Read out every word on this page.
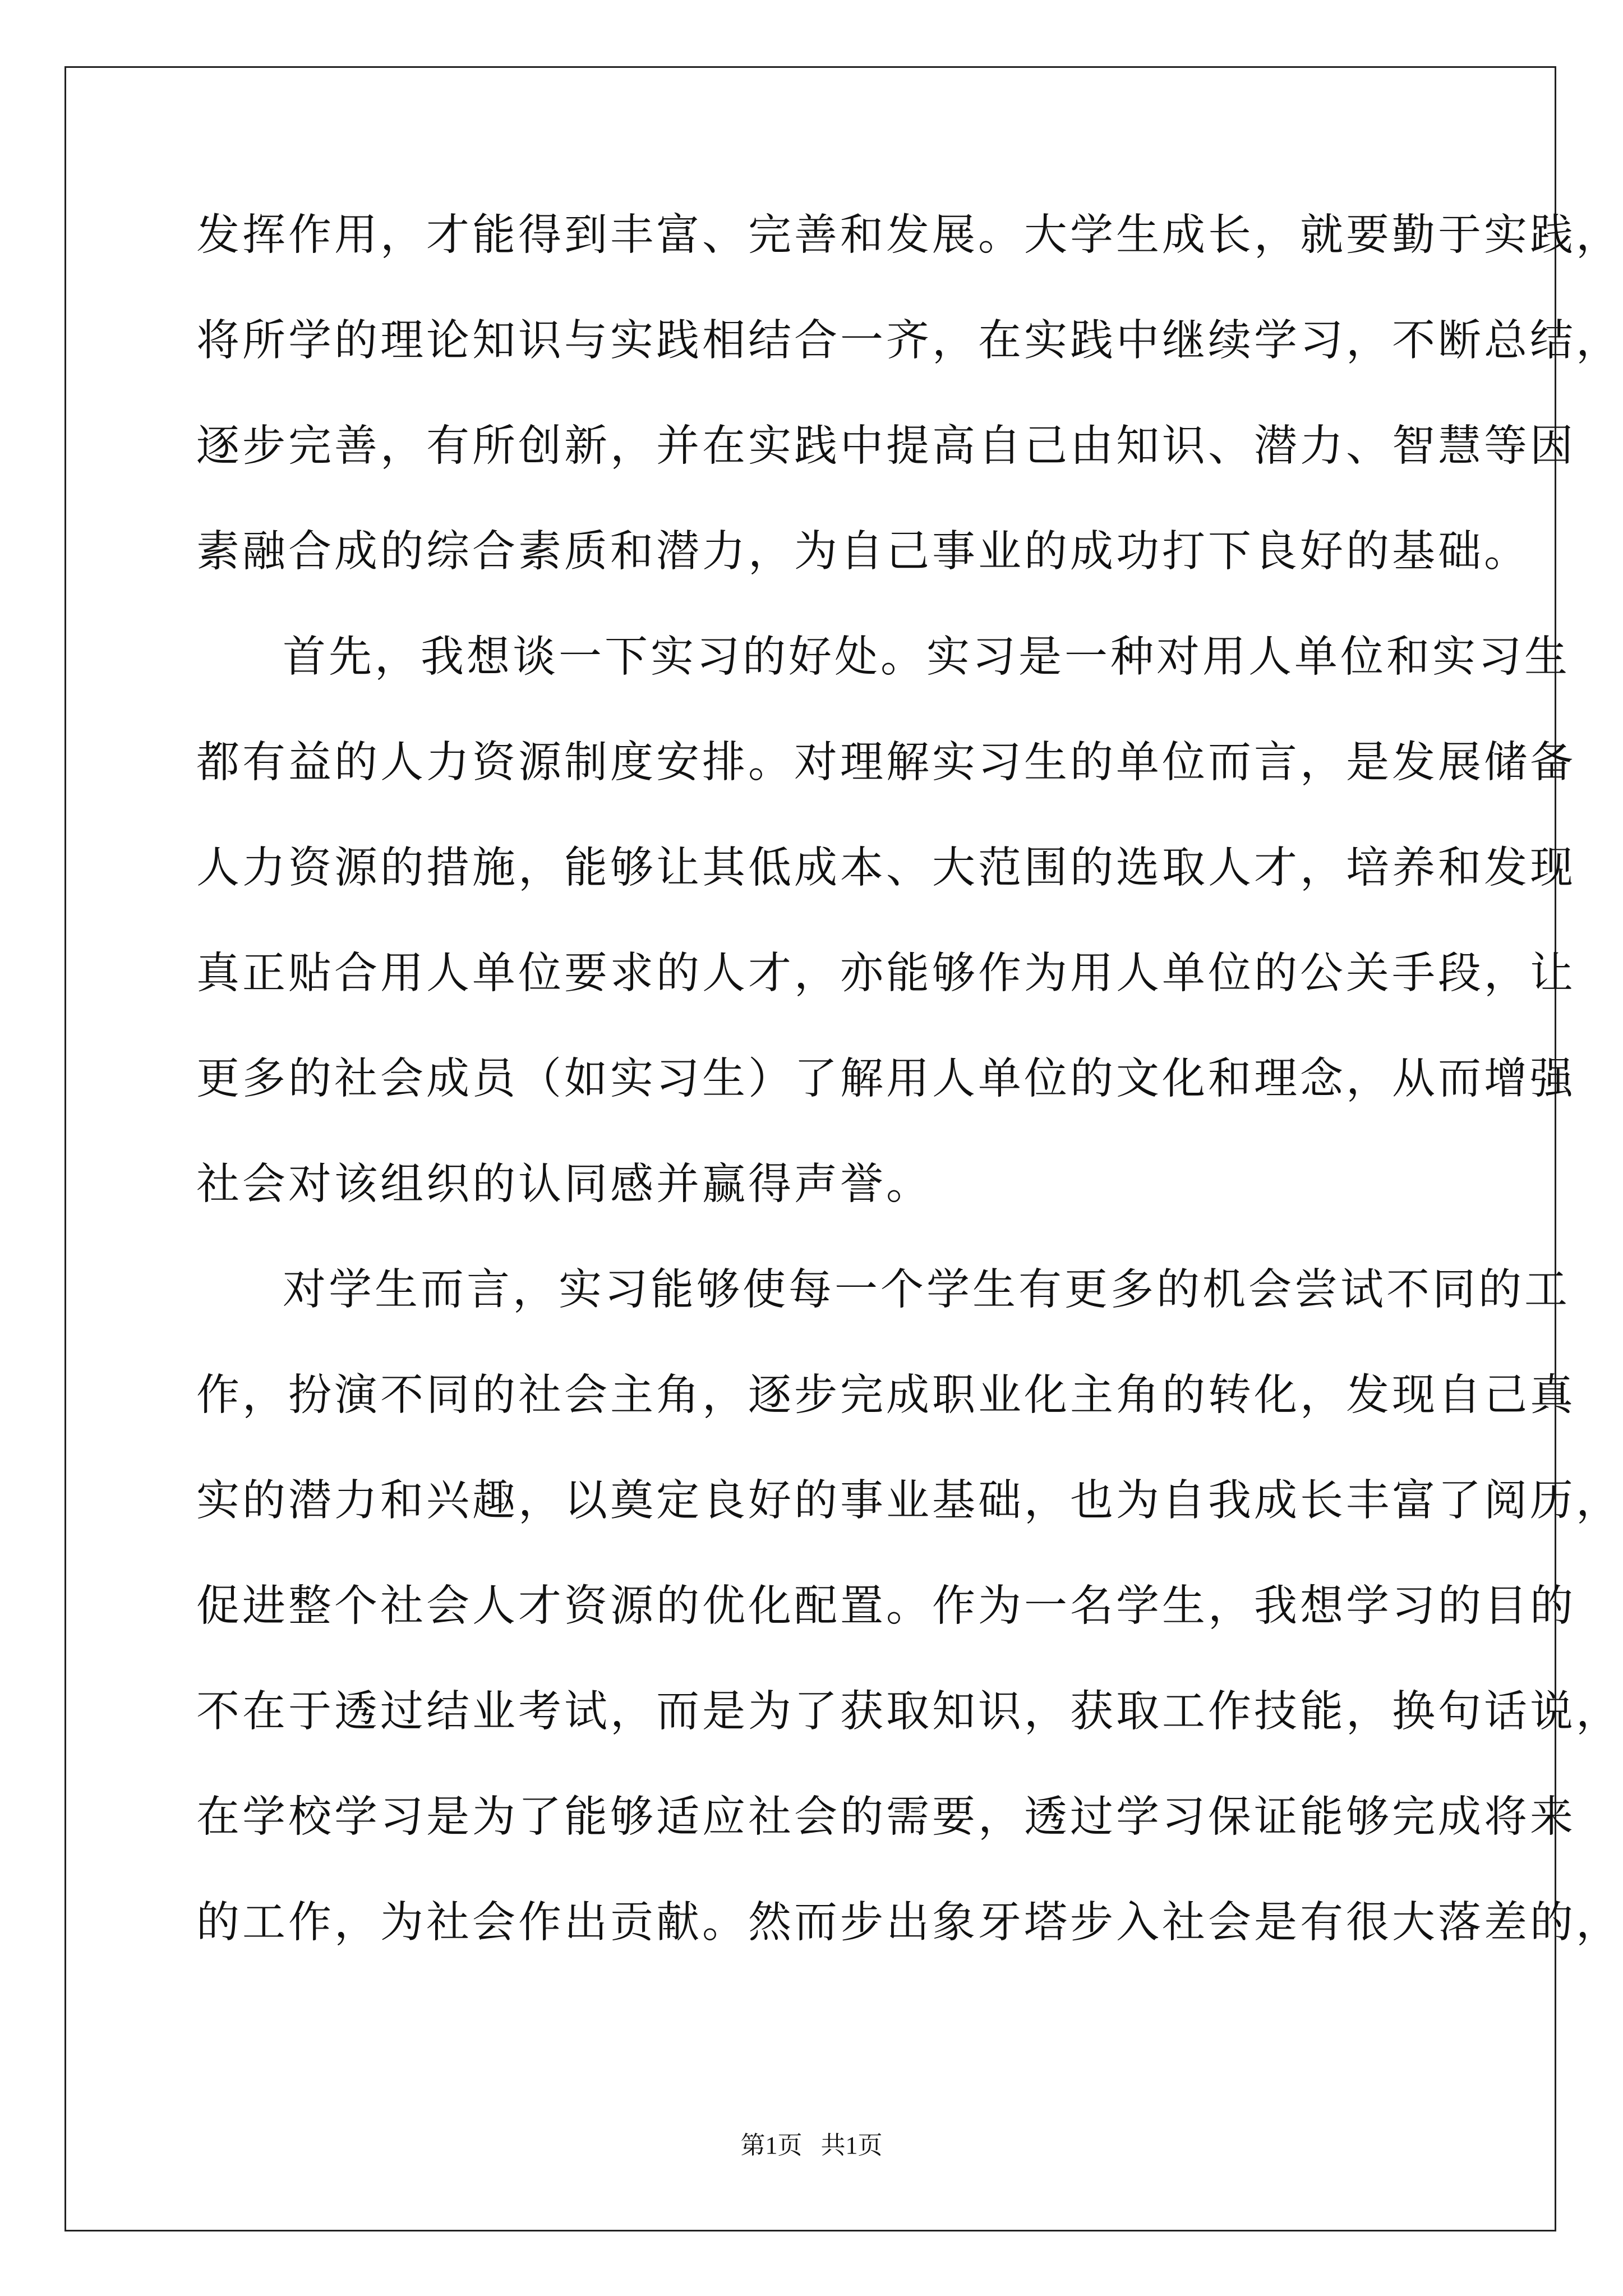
发挥作用，才能得到丰富、完善和发展。大学生成长，就要勤于实践，
将所学的理论知识与实践相结合一齐，在实践中继续学习，不断总结，
逐步完善，有所创新，并在实践中提高自己由知识、潜力、智慧等因
素融合成的综合素质和潜力，为自己事业的成功打下良好的基础。
首先，我想谈一下实习的好处。实习是一种对用人单位和实习生
都有益的人力资源制度安排。对理解实习生的单位而言，是发展储备
人力资源的措施，能够让其低成本、大范围的选取人才，培养和发现
真正贴合用人单位要求的人才，亦能够作为用人单位的公关手段，让
更多的社会成员（如实习生）了解用人单位的文化和理念，从而增强
社会对该组织的认同感并赢得声誉。
对学生而言，实习能够使每一个学生有更多的机会尝试不同的工
作，扮演不同的社会主角，逐步完成职业化主角的转化，发现自己真
实的潜力和兴趣，以奠定良好的事业基础，也为自我成长丰富了阅历，
促进整个社会人才资源的优化配置。作为一名学生，我想学习的目的
不在于透过结业考试，而是为了获取知识，获取工作技能，换句话说，
在学校学习是为了能够适应社会的需要，透过学习保证能够完成将来
的工作，为社会作出贡献。然而步出象牙塔步入社会是有很大落差的，
第1页   共1页
